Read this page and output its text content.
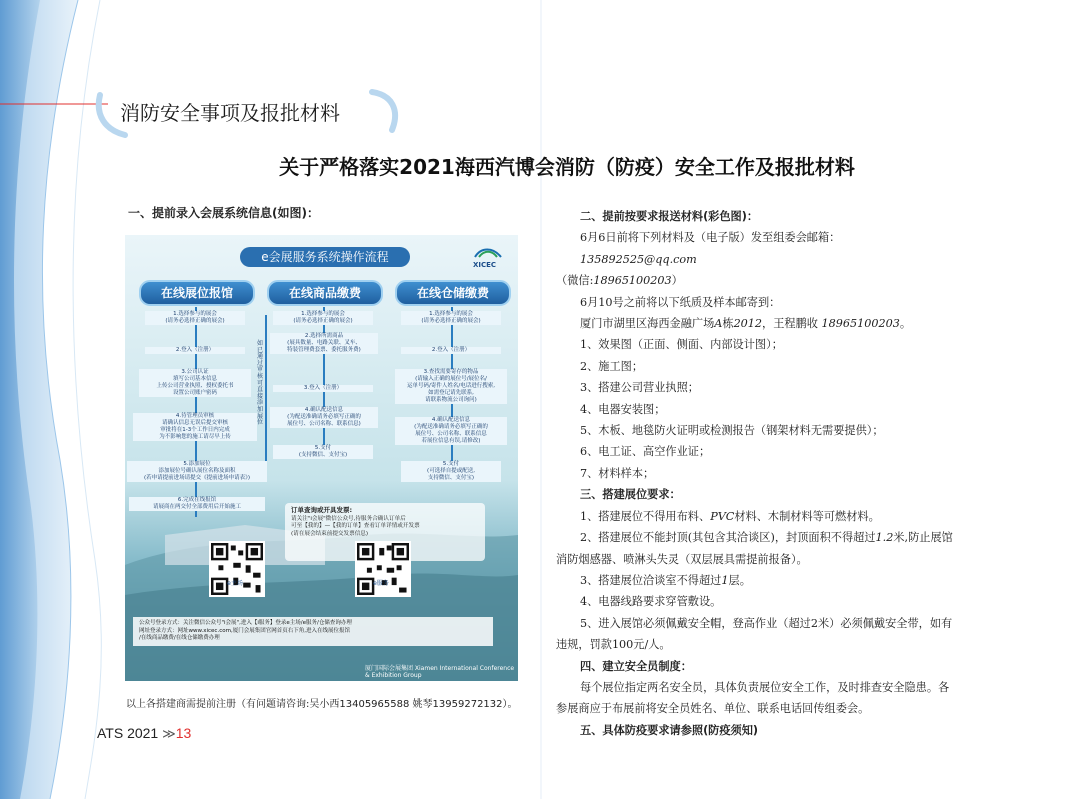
消防安全事项及报批材料
关于严格落实2021海西汽博会消防（防疫）安全工作及报批材料
一、提前录入会展系统信息(如图)：
e会展服务系统操作流程
XICEC
在线展位报馆	在线商品缴费	在线仓储缴费
1.选择参与的展会
(请务必选择正确的展会)
2.登入（注册）
3.公司认证
填写公司基本信息
上传公司营业执照、授权委托书
设置公司账户密码
4.待管理员审核
请确认信息无误后提交审核
审批将在1-3个工作日内完成
为不影响您的施工请尽早上传
5.添加展位
添加展位号确认展位名称及面积
(若申请提前进场请提交《提前进场申请表》)
6.完成在线报馆
请展商在两交付全部费用后开始施工
如已通过审核可直接添加展位
1.选择参与的展会
(请务必选择正确的展会)
2.选择所需商品
(展具数量、电路关联、叉车、
特装管理费套票、委托服务费)
3.登入（注册）
4.确认配送信息
(为配送准确请务必填写正确的
展位号、公司名称、联系信息)
5.支付
(支持微信、支付宝)
1.选择参与的展会
(请务必选择正确的展会)
2.登入（注册）
3.查找需要寄存的物品
(请输入正确的展位号/展位名/
运单号码/寄件人姓名/电话进行搜索,
如需登记请先联系,
请联系物流公司询问)
4.确认配送信息
(为配送准确请务必填写正确的
展位号、公司名称、联系信息
若展位信息有误,请修改)
5.支付
(可选择自提或配送,
支持微信、支付宝)
订单查询或开具发票:
请关注"i会展"微信公众号,待服务合确认订单后
可至【我的】—【我的订单】查看订单详情或开发票
(请在展会结束前提交发票信息)
e主场	e服务
公众号登录方式：关注微信公众号"i会展",进入【i服务】登录e主场/e服务/仓储查询办理
网址登录方式：网址www.xicec.com,厦门会展集团官网首页右下角,进入在线展位报馆
/在线商品缴费/在线仓储缴费办理
厦门国际会展集团 Xiamen International Conference & Exhibition Group
以上各搭建商需提前注册（有问题请咨询:吴小西13405965588 姚琴13959272132）。

二、提前按要求报送材料(彩色图)：

6月6日前将下列材料及（电子版）发至组委会邮箱：135892525@qq.com

（微信:18965100203）

6月10号之前将以下纸质及样本邮寄到：

厦门市湖里区海西金融广场A栋2012，王程鹏收 18965100203。

1、效果图（正面、侧面、内部设计图）；

2、施工图；

3、搭建公司营业执照；

4、电器安装图；

5、木板、地毯防火证明或检测报告（钢架材料无需要提供）；

6、电工证、高空作业证；

7、材料样本；

三、搭建展位要求：

1、搭建展位不得用布料、PVC材料、木制材料等可燃材料。

2、搭建展位不能封顶(其包含其洽谈区)，封顶面积不得超过1.2米,防止展馆消防烟感器、喷淋头失灵（双层展具需提前报备）。

3、搭建展位洽谈室不得超过1层。

4、电器线路要求穿管敷设。

5、进入展馆必须佩戴安全帽，登高作业（超过2米）必须佩戴安全带，如有违规，罚款100元/人。

四、建立安全员制度：

每个展位指定两名安全员，具体负责展位安全工作，及时排查安全隐患。各参展商应于布展前将安全员姓名、单位、联系电话回传组委会。

五、具体防疫要求请参照(防疫须知)

ATS 2021 ≫13
